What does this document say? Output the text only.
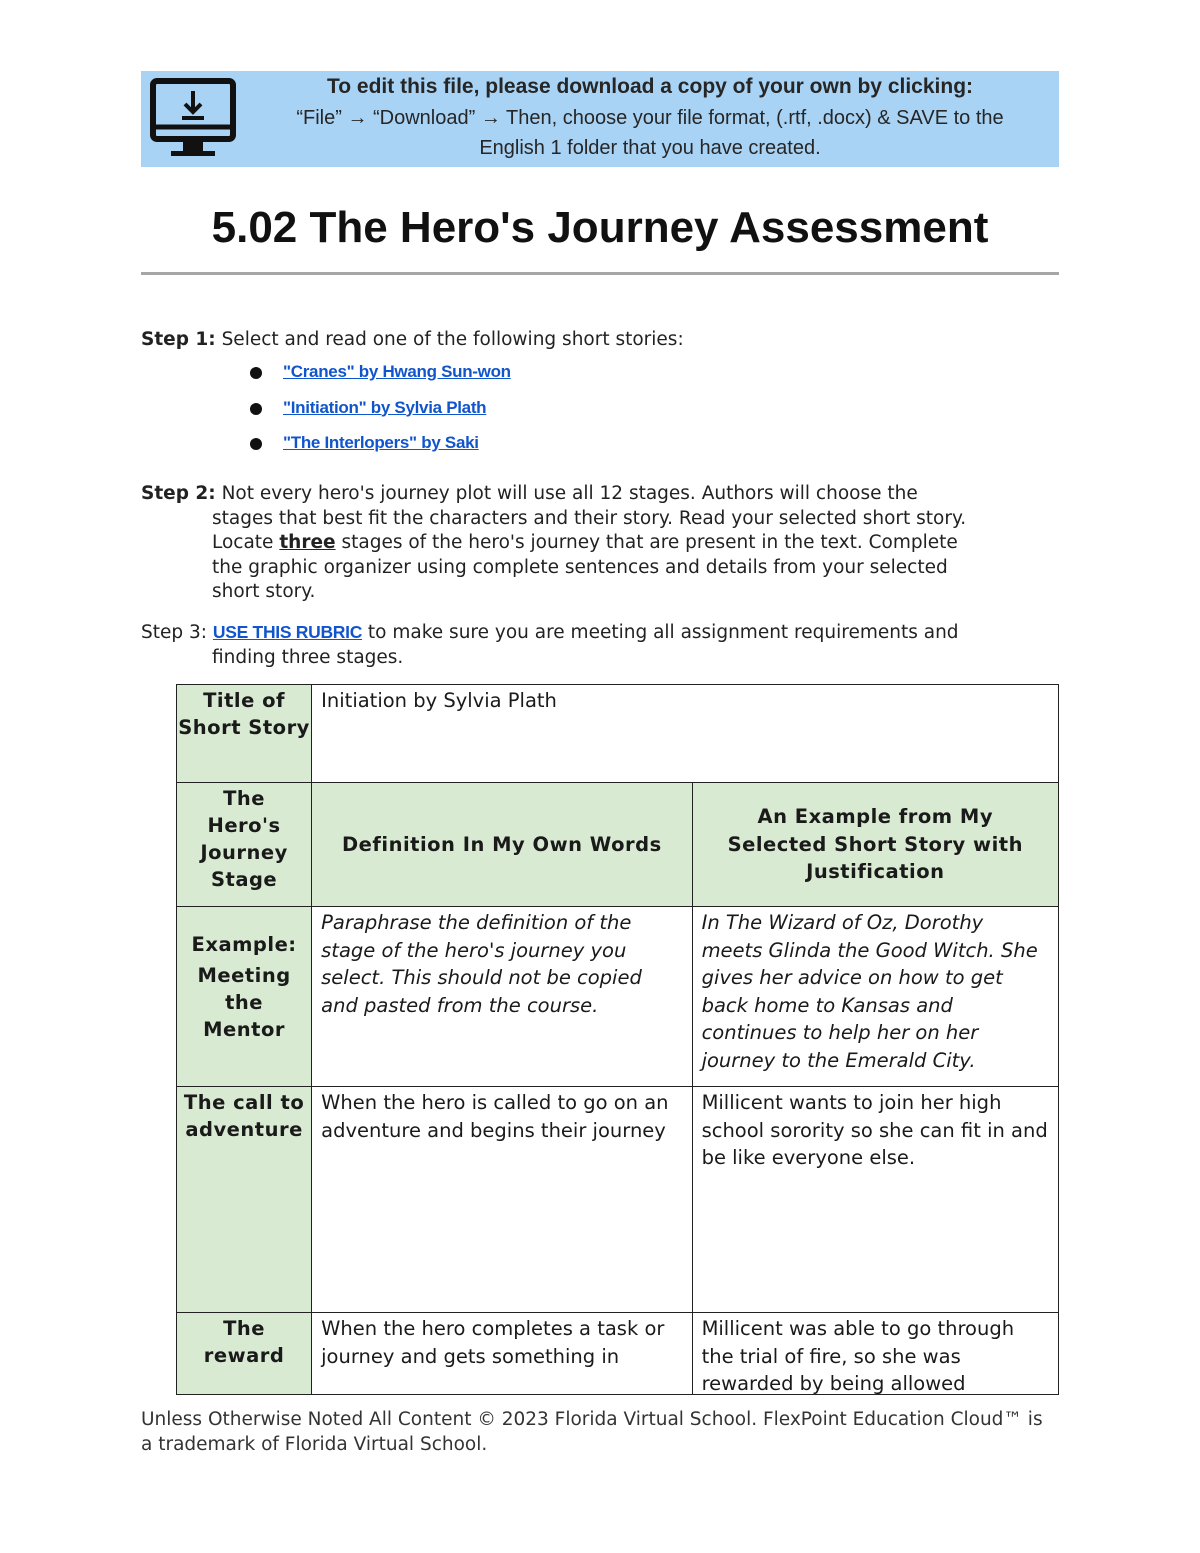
To edit this file, please download a copy of your own by clicking:
“File” → “Download” → Then, choose your file format, (.rtf, .docx) & SAVE to the
English 1 folder that you have created.
5.02 The Hero's Journey Assessment
Step 1: Select and read one of the following short stories:
"Cranes" by Hwang Sun-won
"Initiation" by Sylvia Plath
"The Interlopers" by Saki
Step 2: Not every hero's journey plot will use all 12 stages. Authors will choose the
stages that best fit the characters and their story. Read your selected short story.
Locate three stages of the hero's journey that are present in the text. Complete
the graphic organizer using complete sentences and details from your selected
short story.
Step 3: USE THIS RUBRIC to make sure you are meeting all assignment requirements and
finding three stages.
Title of Short Story	Initiation by Sylvia Plath	

The Hero's Journey Stage	Definition In My Own Words	An Example from My Selected Short Story with Justification

Example:
Meeting the Mentor	Paraphrase the definition of the stage of the hero's journey you select. This should not be copied and pasted from the course.	In The Wizard of Oz, Dorothy meets Glinda the Good Witch. She gives her advice on how to get back home to Kansas and continues to help her on her journey to the Emerald City.

The call to adventure	When the hero is called to go on an adventure and begins their journey	Millicent wants to join her high school sorority so she can fit in and be like everyone else.

The reward	When the hero completes a task or journey and gets something in	Millicent was able to go through the trial of fire, so she was rewarded by being allowed
Unless Otherwise Noted All Content © 2023 Florida Virtual School. FlexPoint Education Cloud™ is a trademark of Florida Virtual School.
